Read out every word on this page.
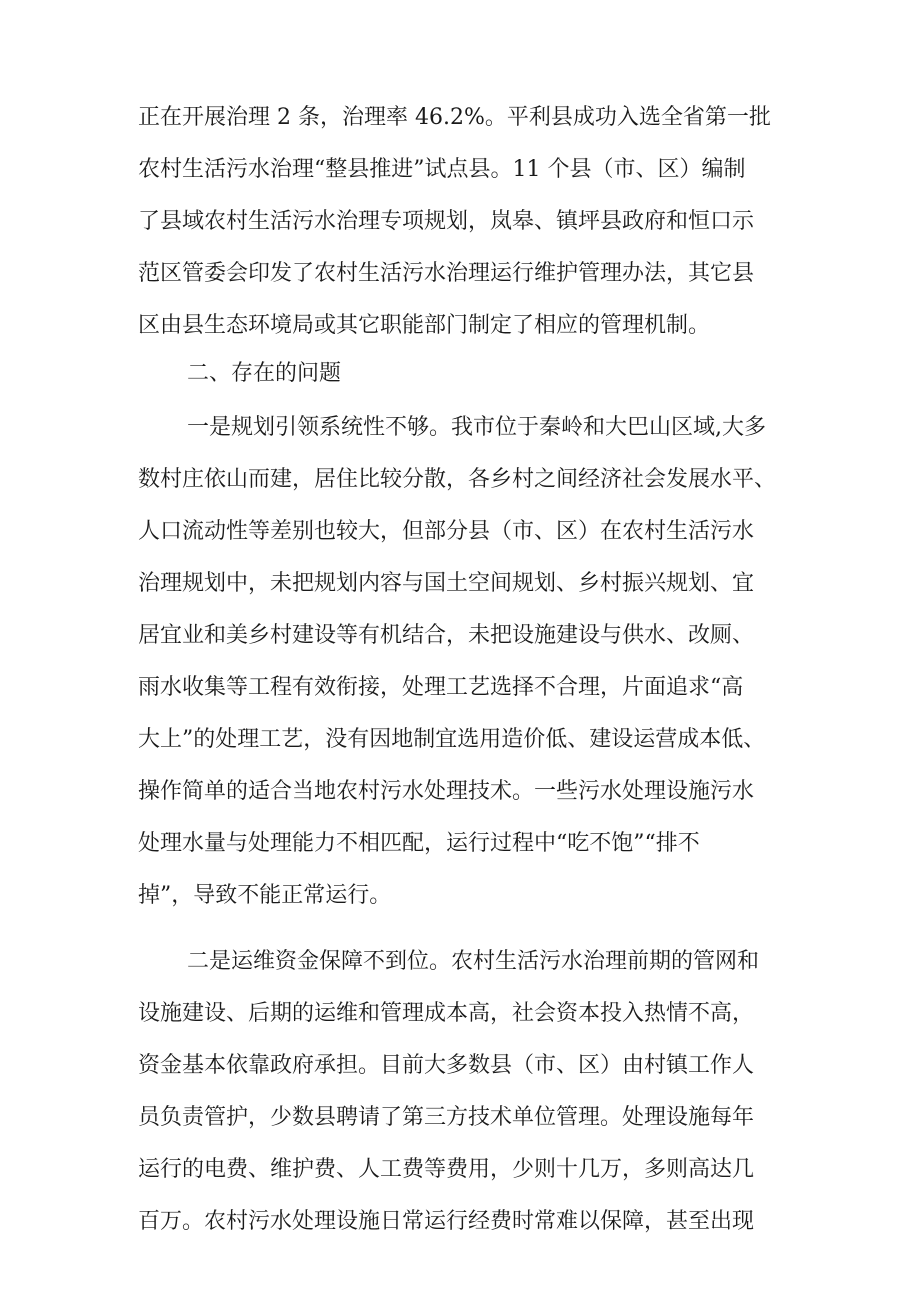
正在开展治理 2 条，治理率 46.2%。平利县成功入选全省第一批
农村生活污水治理“整县推进”试点县。11 个县（市、区）编制
了县域农村生活污水治理专项规划，岚皋、镇坪县政府和恒口示
范区管委会印发了农村生活污水治理运行维护管理办法，其它县
区由县生态环境局或其它职能部门制定了相应的管理机制。
二、存在的问题
一是规划引领系统性不够。我市位于秦岭和大巴山区域,大多
数村庄依山而建，居住比较分散，各乡村之间经济社会发展水平、
人口流动性等差别也较大，但部分县（市、区）在农村生活污水
治理规划中，未把规划内容与国土空间规划、乡村振兴规划、宜
居宜业和美乡村建设等有机结合，未把设施建设与供水、改厕、
雨水收集等工程有效衔接，处理工艺选择不合理，片面追求“高
大上”的处理工艺，没有因地制宜选用造价低、建设运营成本低、
操作简单的适合当地农村污水处理技术。一些污水处理设施污水
处理水量与处理能力不相匹配，运行过程中“吃不饱”“排不
掉”，导致不能正常运行。
二是运维资金保障不到位。农村生活污水治理前期的管网和
设施建设、后期的运维和管理成本高，社会资本投入热情不高，
资金基本依靠政府承担。目前大多数县（市、区）由村镇工作人
员负责管护，少数县聘请了第三方技术单位管理。处理设施每年
运行的电费、维护费、人工费等费用，少则十几万，多则高达几
百万。农村污水处理设施日常运行经费时常难以保障，甚至出现
